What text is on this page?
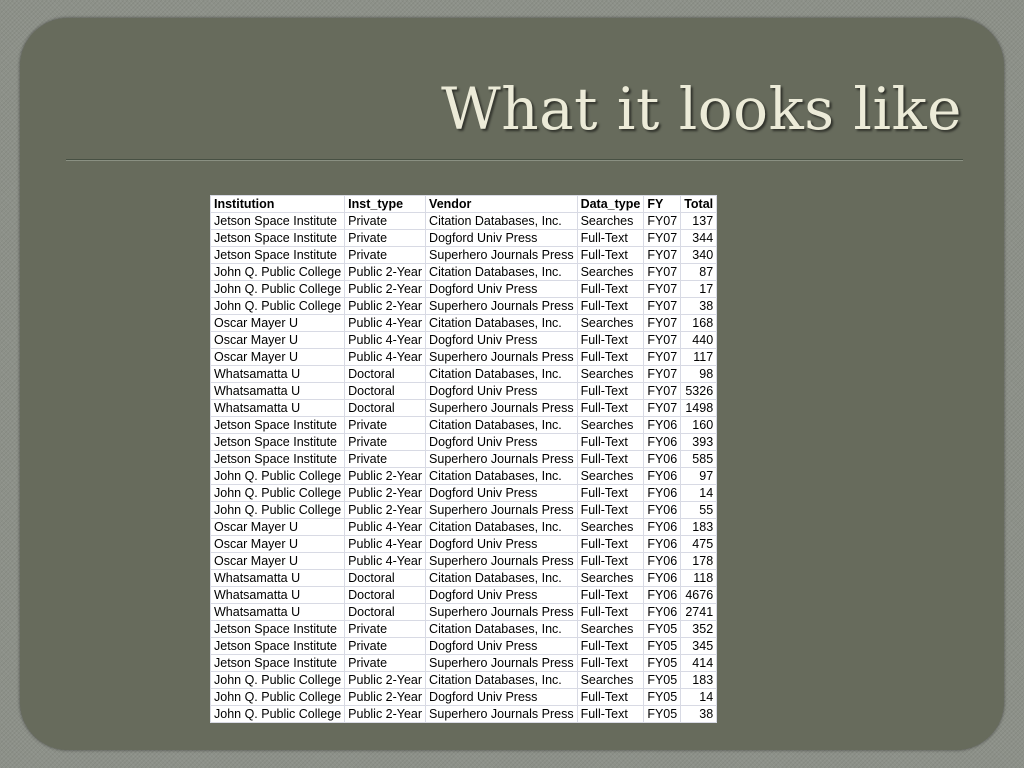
What it looks like
Institution	Inst_type	Vendor	Data_type	FY	Total
Jetson Space Institute	Private	Citation Databases, Inc.	Searches	FY07	137
Jetson Space Institute	Private	Dogford Univ Press	Full-Text	FY07	344
Jetson Space Institute	Private	Superhero Journals Press	Full-Text	FY07	340
John Q. Public College	Public 2-Year	Citation Databases, Inc.	Searches	FY07	87
John Q. Public College	Public 2-Year	Dogford Univ Press	Full-Text	FY07	17
John Q. Public College	Public 2-Year	Superhero Journals Press	Full-Text	FY07	38
Oscar Mayer U	Public 4-Year	Citation Databases, Inc.	Searches	FY07	168
Oscar Mayer U	Public 4-Year	Dogford Univ Press	Full-Text	FY07	440
Oscar Mayer U	Public 4-Year	Superhero Journals Press	Full-Text	FY07	117
Whatsamatta U	Doctoral	Citation Databases, Inc.	Searches	FY07	98
Whatsamatta U	Doctoral	Dogford Univ Press	Full-Text	FY07	5326
Whatsamatta U	Doctoral	Superhero Journals Press	Full-Text	FY07	1498
Jetson Space Institute	Private	Citation Databases, Inc.	Searches	FY06	160
Jetson Space Institute	Private	Dogford Univ Press	Full-Text	FY06	393
Jetson Space Institute	Private	Superhero Journals Press	Full-Text	FY06	585
John Q. Public College	Public 2-Year	Citation Databases, Inc.	Searches	FY06	97
John Q. Public College	Public 2-Year	Dogford Univ Press	Full-Text	FY06	14
John Q. Public College	Public 2-Year	Superhero Journals Press	Full-Text	FY06	55
Oscar Mayer U	Public 4-Year	Citation Databases, Inc.	Searches	FY06	183
Oscar Mayer U	Public 4-Year	Dogford Univ Press	Full-Text	FY06	475
Oscar Mayer U	Public 4-Year	Superhero Journals Press	Full-Text	FY06	178
Whatsamatta U	Doctoral	Citation Databases, Inc.	Searches	FY06	118
Whatsamatta U	Doctoral	Dogford Univ Press	Full-Text	FY06	4676
Whatsamatta U	Doctoral	Superhero Journals Press	Full-Text	FY06	2741
Jetson Space Institute	Private	Citation Databases, Inc.	Searches	FY05	352
Jetson Space Institute	Private	Dogford Univ Press	Full-Text	FY05	345
Jetson Space Institute	Private	Superhero Journals Press	Full-Text	FY05	414
John Q. Public College	Public 2-Year	Citation Databases, Inc.	Searches	FY05	183
John Q. Public College	Public 2-Year	Dogford Univ Press	Full-Text	FY05	14
John Q. Public College	Public 2-Year	Superhero Journals Press	Full-Text	FY05	38
